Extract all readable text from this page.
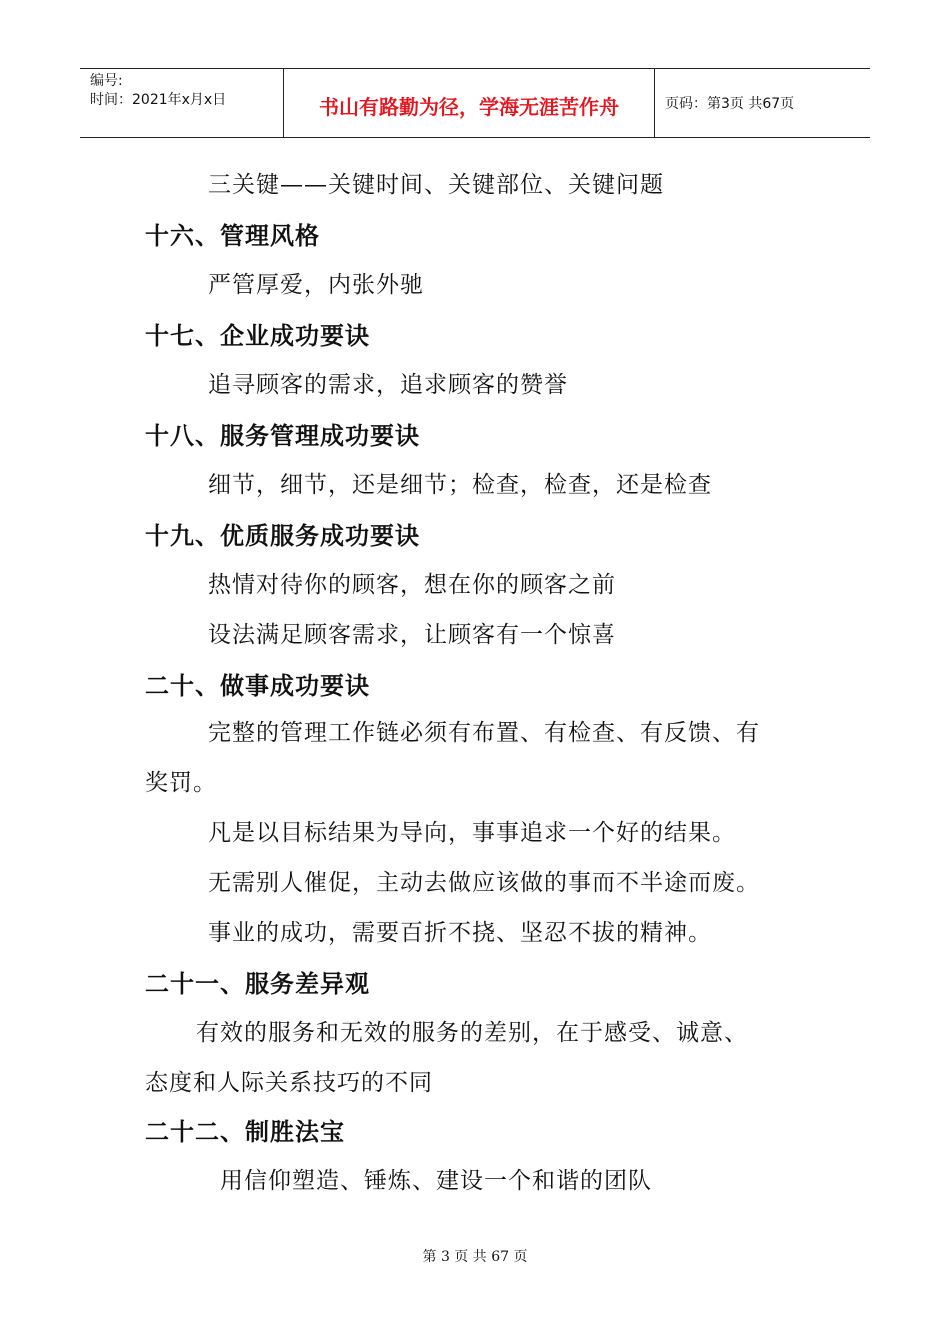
编号:
时间：2021年x月x日	书山有路勤为径，学海无涯苦作舟	页码：第3页 共67页
三关键——关键时间、关键部位、关键问题
十六、管理风格
严管厚爱，内张外驰
十七、企业成功要诀
追寻顾客的需求，追求顾客的赞誉
十八、服务管理成功要诀
细节，细节，还是细节；检查，检查，还是检查
十九、优质服务成功要诀
热情对待你的顾客，想在你的顾客之前
设法满足顾客需求，让顾客有一个惊喜
二十、做事成功要诀
完整的管理工作链必须有布置、有检查、有反馈、有
奖罚。
凡是以目标结果为导向，事事追求一个好的结果。
无需别人催促，主动去做应该做的事而不半途而废。
事业的成功，需要百折不挠、坚忍不拔的精神。
二十一、服务差异观
有效的服务和无效的服务的差别，在于感受、诚意、
态度和人际关系技巧的不同
二十二、制胜法宝
用信仰塑造、锤炼、建设一个和谐的团队
第 3 页 共 67 页
